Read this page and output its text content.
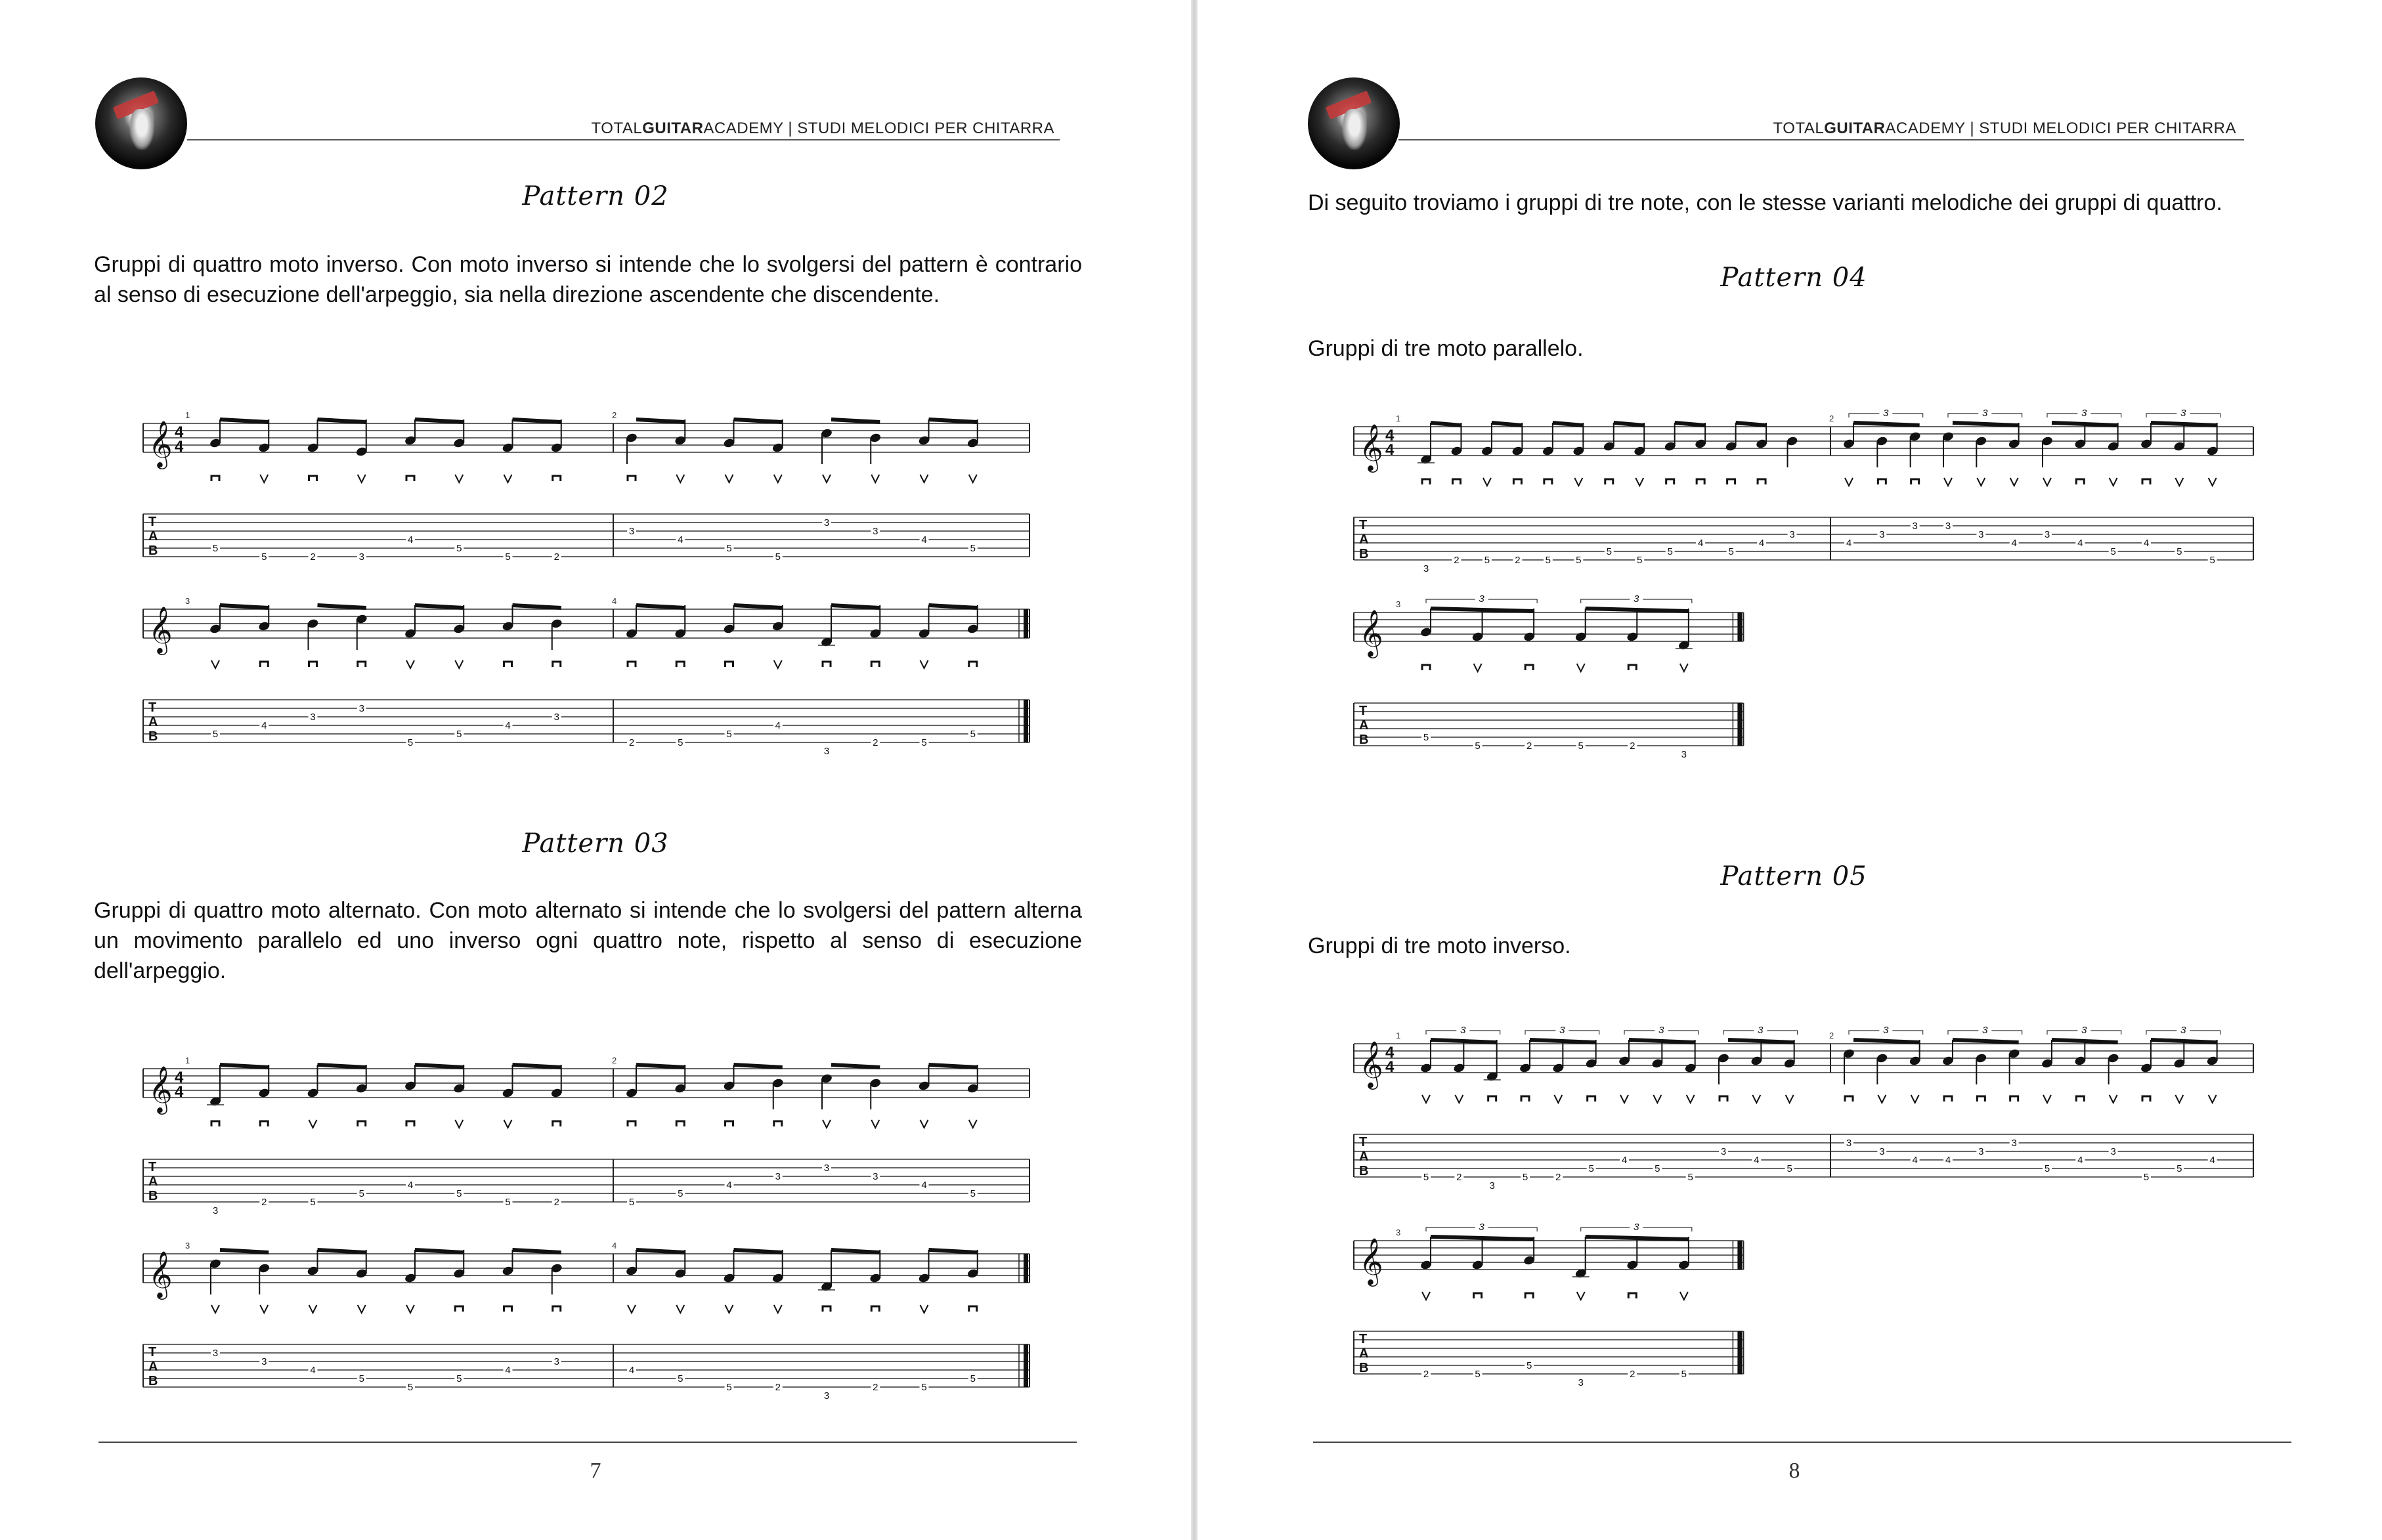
TOTALGUITARACADEMY | STUDI MELODICI PER CHITARRA
Pattern 02
Gruppi di quattro moto inverso. Con moto inverso si intende che lo svolgersi del pattern è contrario al senso di esecuzione dell'arpeggio, sia nella direzione ascendente che discendente.
𝄞 4
4
T
A
B
1
5
5	2	3
4
5
5	2
2
3
4
5
5
3
3
4
5
𝄞
T
A
B
3
5
4
3
3
5
5
4
3
4
2	5
5
4
3
2	5
5
Pattern 03
Gruppi di quattro moto alternato. Con moto alternato si intende che lo svolgersi del pattern alterna un movimento parallelo ed uno inverso ogni quattro note, rispetto al senso di esecuzione dell'arpeggio.
𝄞 4
4
T
A
B
1
3
2	5
5
4
5
5	2
2
5
5
4
3
3
3
4
5
𝄞
T
A
B
3
3
3
4
5
5
5
4
3
4
4
5
5	2
3
2	5
5
7
TOTALGUITARACADEMY | STUDI MELODICI PER CHITARRA
Di seguito troviamo i gruppi di tre note, con le stesse varianti melodiche dei gruppi di quattro.
Pattern 04
Gruppi di tre moto parallelo.
𝄞 4
4
T
A
B
1
3
2	5	2	5	5
5
5
5
4
5
4
3
2
4
3
3	3
3
4
3
4
5
4
5
5
3	3	3	3
𝄞
T
A
B
3
5
5	2	5	2
3
3	3
Pattern 05
Gruppi di tre moto inverso.
𝄞 4
4
T
A
B
1
5	2
3
5	2
5
4
5
5
3
4
5
3	3	3	3	2
3
3
4	4
3
3
5
4
3
5
5
4
3	3	3	3
𝄞
T
A
B
3
2	5
5
3
2	5
3	3
8
